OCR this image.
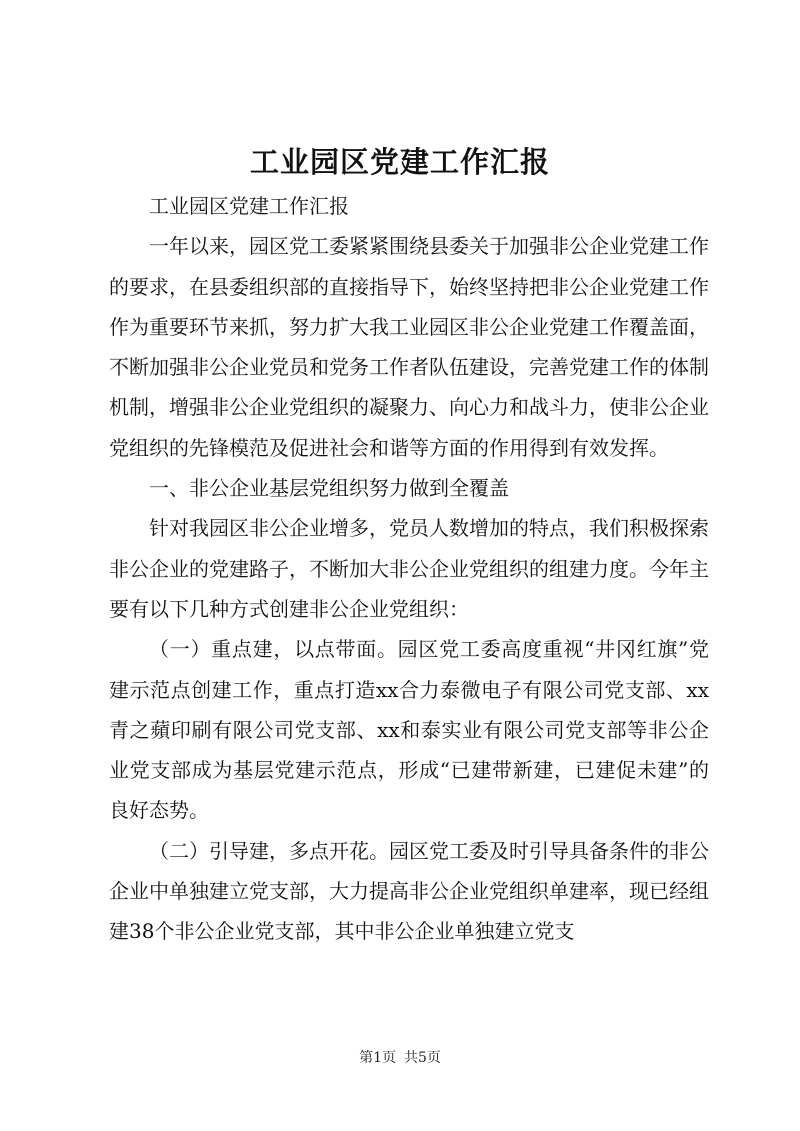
工业园区党建工作汇报

工业园区党建工作汇报

一年以来，园区党工委紧紧围绕县委关于加强非公企业党建工作的要求，在县委组织部的直接指导下，始终坚持把非公企业党建工作作为重要环节来抓，努力扩大我工业园区非公企业党建工作覆盖面，不断加强非公企业党员和党务工作者队伍建设，完善党建工作的体制机制，增强非公企业党组织的凝聚力、向心力和战斗力，使非公企业党组织的先锋模范及促进社会和谐等方面的作用得到有效发挥。

一、非公企业基层党组织努力做到全覆盖

针对我园区非公企业增多，党员人数增加的特点，我们积极探索非公企业的党建路子，不断加大非公企业党组织的组建力度。今年主要有以下几种方式创建非公企业党组织：

（一）重点建，以点带面。园区党工委高度重视“井冈红旗”党建示范点创建工作，重点打造xx合力泰微电子有限公司党支部、xx青之蘋印刷有限公司党支部、xx和泰实业有限公司党支部等非公企业党支部成为基层党建示范点，形成“已建带新建，已建促未建”的良好态势。

（二）引导建，多点开花。园区党工委及时引导具备条件的非公企业中单独建立党支部，大力提高非公企业党组织单建率，现已经组建38个非公企业党支部，其中非公企业单独建立党支

第1页 共5页
